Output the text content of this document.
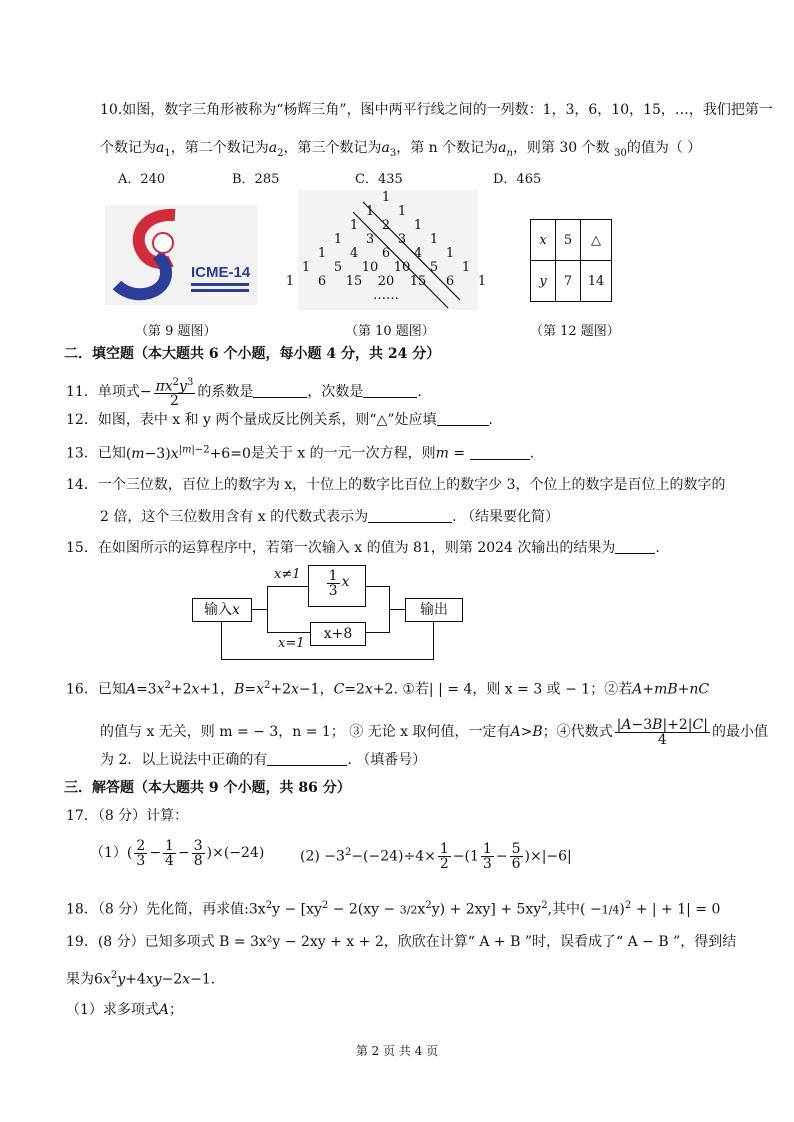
10.如图，数字三角形被称为“杨辉三角”，图中两平行线之间的一列数：1，3，6，10，15，…，我们把第一
个数记为$a_1$，第二个数记为$a_2$，第三个数记为$a_3$，第 n 个数记为$a_n$，则第 30 个数 $_{30}$的值为（ ）
A．240	B．285	C．435	D．465
ICME-14
（第 9 题图）
1
1 1
1 2 1
1 3 3 1
1 4 6 4 1
1 5 10 10 5 1
1 6 15 20 15 6 1
……
（第 10 题图）
x	5	△
y	7	14
（第 12 题图）
二．填空题（本大题共 6 个小题，每小题 4 分，共 24 分）
11．单项式− $\frac{\pi x^2y^3}{2}$ 的系数是	，次数是	.
12．如图，表中 x 和 y 两个量成反比例关系，则“△”处应填	.
13．已知$(m-3)x^{|m|-2}+6=0$是关于 x 的一元一次方程，则m =	.
14．一个三位数，百位上的数字为 x，十位上的数字比百位上的数字少 3，个位上的数字是百位上的数字的
2 倍，这个三位数用含有 x 的代数式表示为	. （结果要化简）
15．在如图所示的运算程序中，若第一次输入 x 的值为 81，则第 2024 次输出的结果为	.
输入x
$\frac{1}{3}$ x
x+8
输出
x≠1
x=1
16．已知$A=3x^2+2x+1$，$B=x^2+2x-1$，C=2x+2. ①若| | = 4，则 x = 3 或 − 1；②若A+mB+nC
的值与 x 无关，则 m = − 3，n = 1； ③ 无论 x 取何值，一定有A>B；④代数式 $\frac{|A-3B|+2|C|}{4}$ 的最小值
为 2．以上说法中正确的有	. （填番号）
三．解答题（本大题共 9 个小题，共 86 分）
17．（8 分）计算：
$(1)( \frac{2}{3} - \frac{1}{4} - \frac{3}{8} )\times(-24)$	$(2) -3^2-(-24)\div 4\times \frac{1}{2} -(1 \frac{1}{3} - \frac{5}{6} )\times|-6|$
18．（8 分）先化简，再求值$:3x^2y - [xy^2 - 2(xy - 3/2x^2y) + 2xy] + 5xy^2$,其中( −1/4)$^2$ + | + 1| = 0
19．(8 分）已知多项式 B = 3x²y − 2xy + x + 2，欣欣在计算“ A + B ”时，误看成了“ A − B ”，得到结
果为$6x^2y+4xy-2x-1$.
（1）求多项式A；
第 2 页 共 4 页
